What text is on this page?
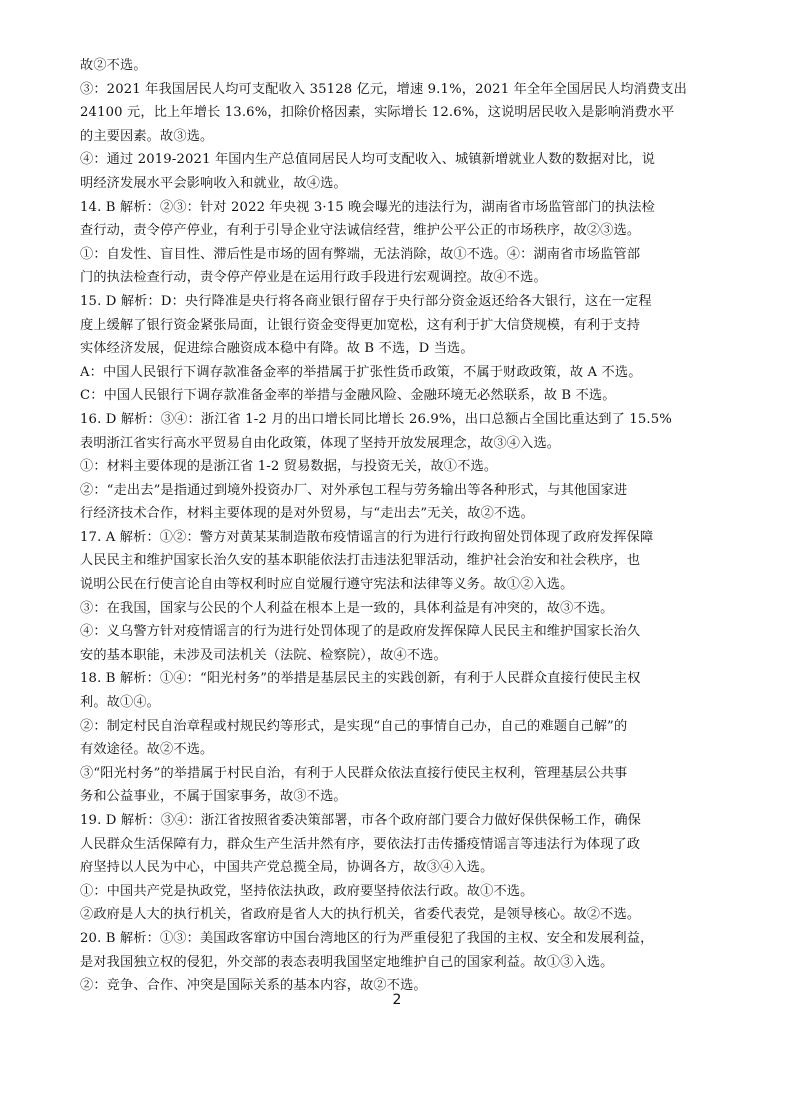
故②不选。
③：2021 年我国居民人均可支配收入 35128 亿元，增速 9.1%，2021 年全年全国居民人均消费支出
24100 元，比上年增长 13.6%，扣除价格因素，实际增长 12.6%，这说明居民收入是影响消费水平
的主要因素。故③选。
④：通过 2019-2021 年国内生产总值同居民人均可支配收入、城镇新增就业人数的数据对比，说
明经济发展水平会影响收入和就业，故④选。
14. B 解析：②③：针对 2022 年央视 3·15 晚会曝光的违法行为，湖南省市场监管部门的执法检
查行动，责令停产停业，有利于引导企业守法诚信经营，维护公平公正的市场秩序，故②③选。
①：自发性、盲目性、滞后性是市场的固有弊端，无法消除，故①不选。④：湖南省市场监管部
门的执法检查行动，责令停产停业是在运用行政手段进行宏观调控。故④不选。
15. D 解析：D：央行降准是央行将各商业银行留存于央行部分资金返还给各大银行，这在一定程
度上缓解了银行资金紧张局面，让银行资金变得更加宽松，这有利于扩大信贷规模，有利于支持
实体经济发展，促进综合融资成本稳中有降。故 B 不选，D 当选。
A：中国人民银行下调存款准备金率的举措属于扩张性货币政策，不属于财政政策，故 A 不选。
C：中国人民银行下调存款准备金率的举措与金融风险、金融环境无必然联系，故 B 不选。
16. D 解析：③④：浙江省 1-2 月的出口增长同比增长 26.9%，出口总额占全国比重达到了 15.5%
表明浙江省实行高水平贸易自由化政策，体现了坚持开放发展理念，故③④入选。
①：材料主要体现的是浙江省 1-2 贸易数据，与投资无关，故①不选。
②：“走出去”是指通过到境外投资办厂、对外承包工程与劳务输出等各种形式，与其他国家进
行经济技术合作，材料主要体现的是对外贸易，与“走出去”无关，故②不选。
17. A 解析：①②：警方对黄某某制造散布疫情谣言的行为进行行政拘留处罚体现了政府发挥保障
人民民主和维护国家长治久安的基本职能依法打击违法犯罪活动，维护社会治安和社会秩序，也
说明公民在行使言论自由等权利时应自觉履行遵守宪法和法律等义务。故①②入选。
③：在我国，国家与公民的个人利益在根本上是一致的，具体利益是有冲突的，故③不选。
④：义乌警方针对疫情谣言的行为进行处罚体现了的是政府发挥保障人民民主和维护国家长治久
安的基本职能，未涉及司法机关（法院、检察院），故④不选。
18. B 解析：①④：“阳光村务”的举措是基层民主的实践创新，有利于人民群众直接行使民主权
利。故①④。
②：制定村民自治章程或村规民约等形式，是实现“自己的事情自己办，自己的难题自己解”的
有效途径。故②不选。
③“阳光村务”的举措属于村民自治，有利于人民群众依法直接行使民主权利，管理基层公共事
务和公益事业，不属于国家事务，故③不选。
19. D 解析：③④：浙江省按照省委决策部署，市各个政府部门要合力做好保供保畅工作，确保
人民群众生活保障有力，群众生产生活井然有序，要依法打击传播疫情谣言等违法行为体现了政
府坚持以人民为中心，中国共产党总揽全局，协调各方，故③④入选。
①：中国共产党是执政党，坚持依法执政，政府要坚持依法行政。故①不选。
②政府是人大的执行机关，省政府是省人大的执行机关，省委代表党，是领导核心。故②不选。
20. B 解析：①③：美国政客窜访中国台湾地区的行为严重侵犯了我国的主权、安全和发展利益，
是对我国独立权的侵犯，外交部的表态表明我国坚定地维护自己的国家利益。故①③入选。
②：竞争、合作、冲突是国际关系的基本内容，故②不选。
2
